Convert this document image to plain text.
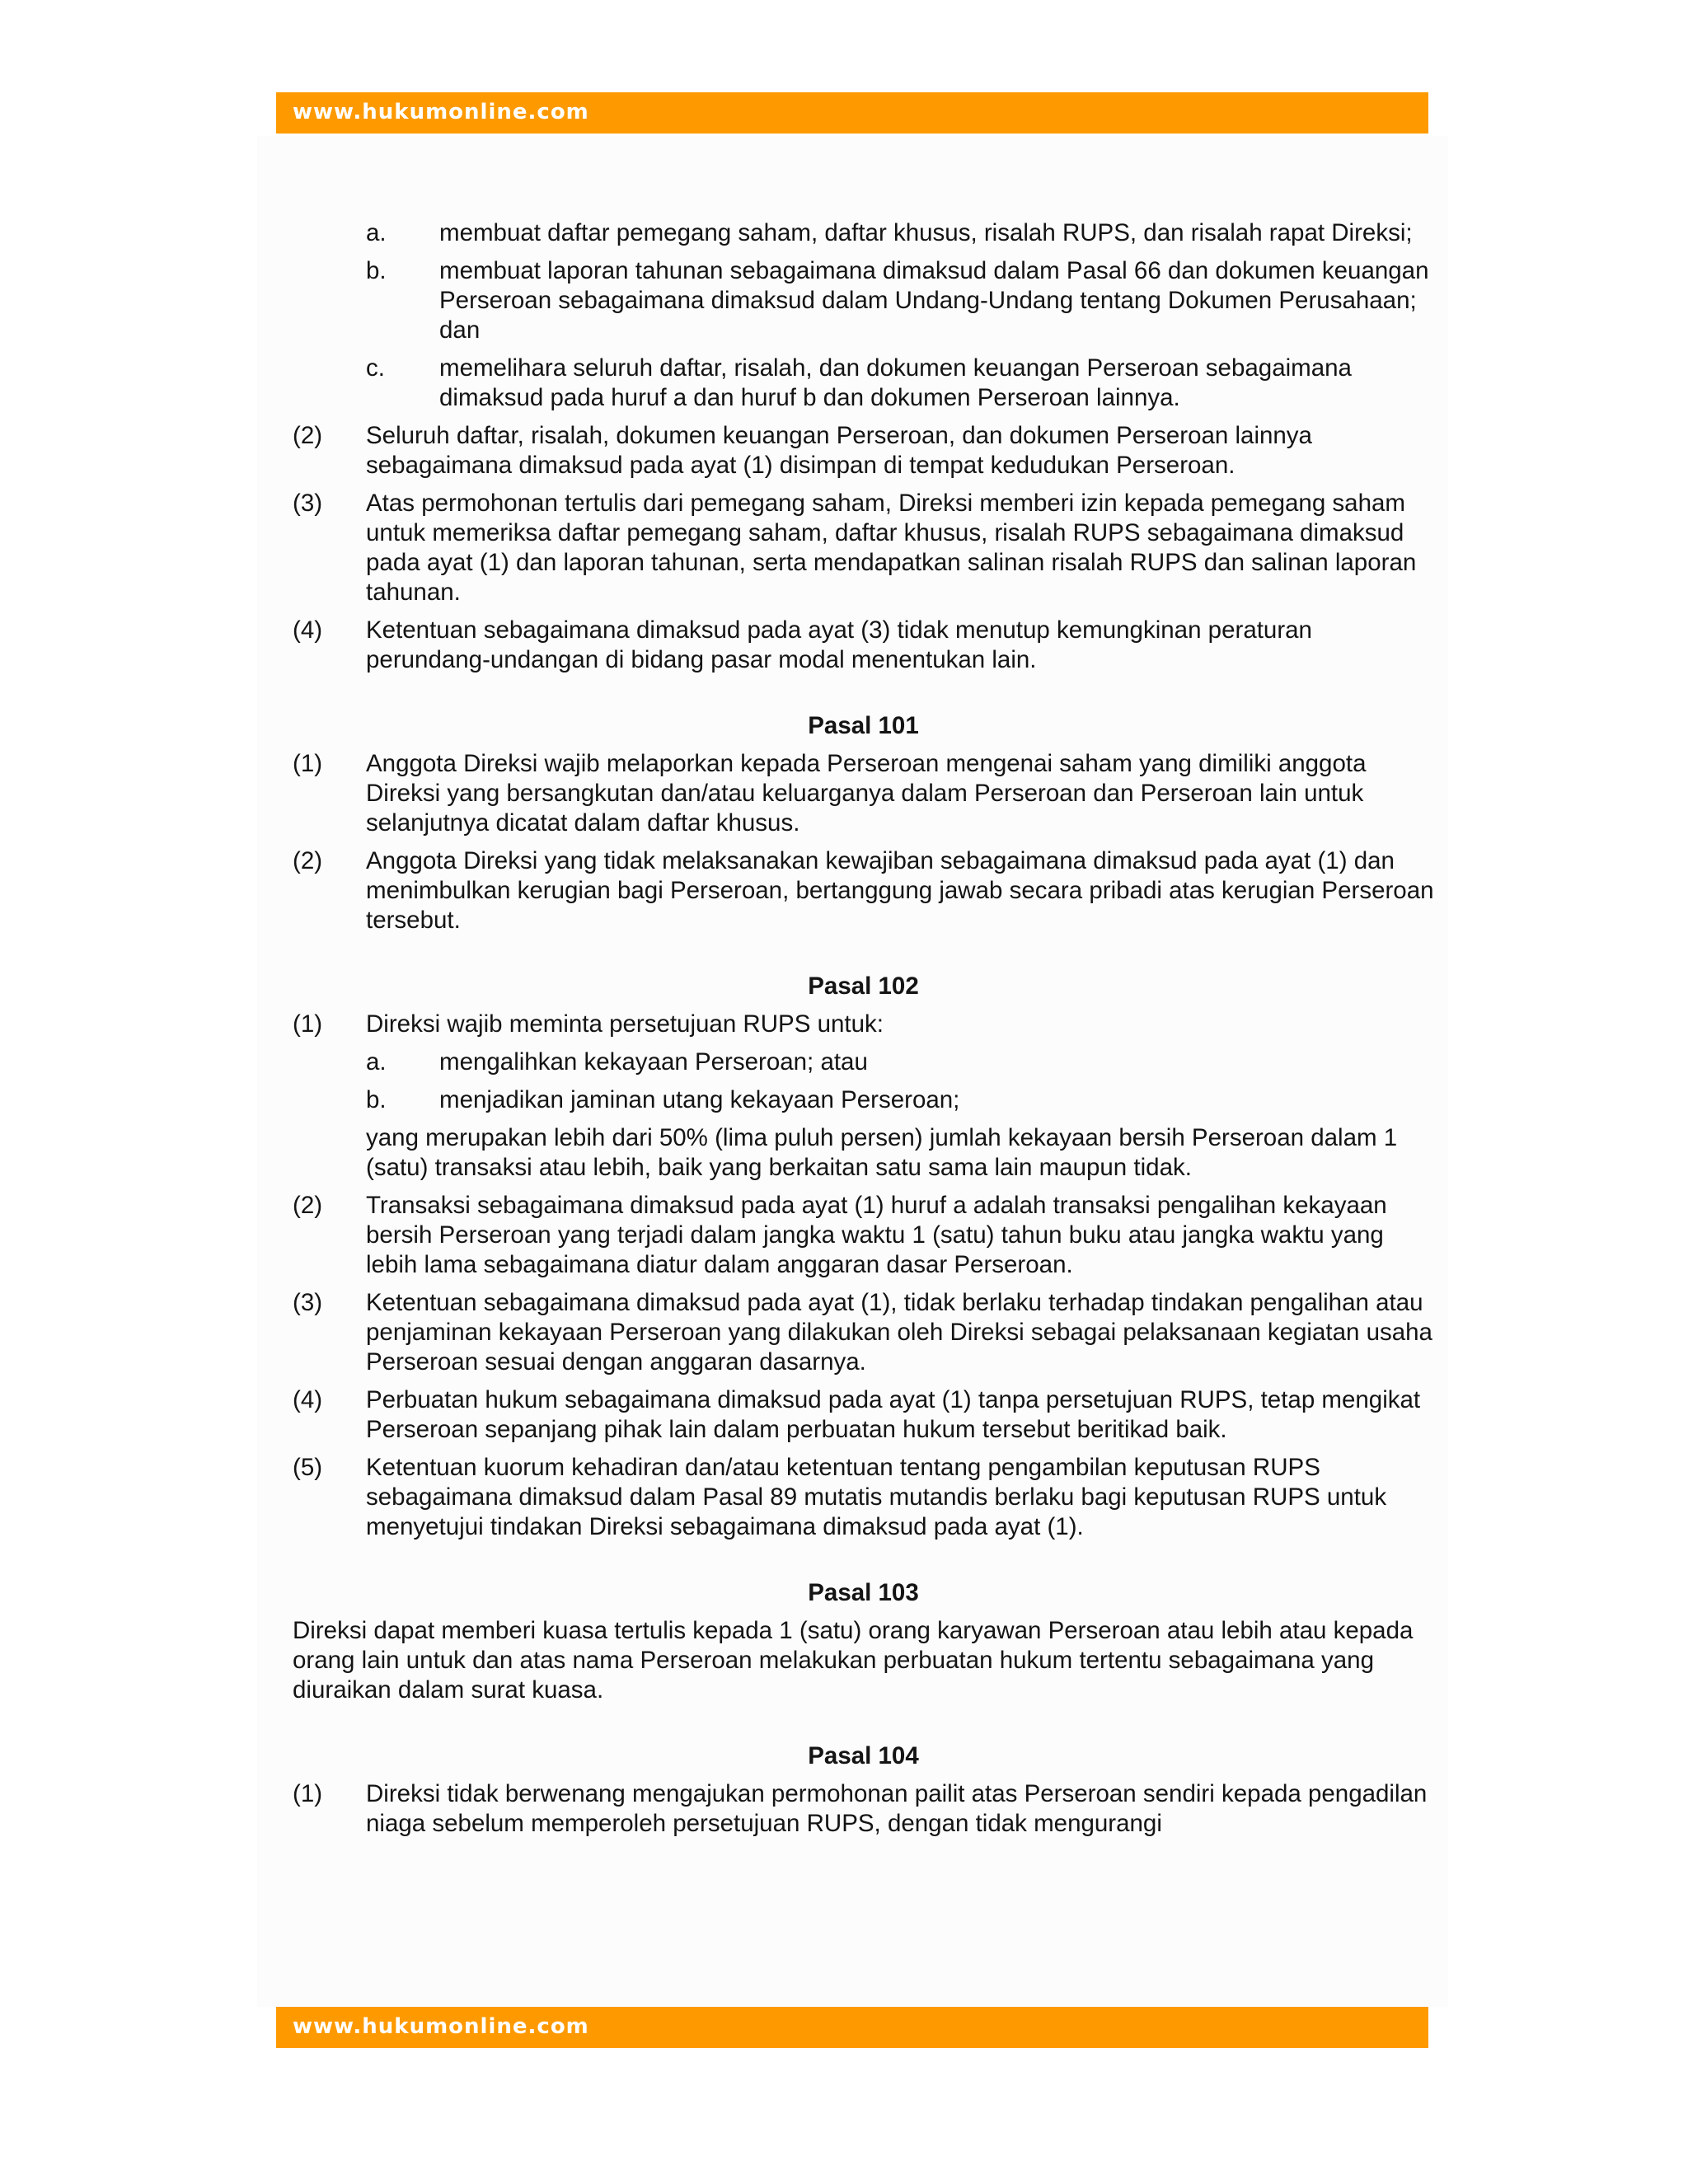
www.hukumonline.com
a.	membuat daftar pemegang saham, daftar khusus, risalah RUPS, dan risalah rapat Direksi;
b.	membuat laporan tahunan sebagaimana dimaksud dalam Pasal 66 dan dokumen keuangan Perseroan sebagaimana dimaksud dalam Undang-Undang tentang Dokumen Perusahaan; dan
c.	memelihara seluruh daftar, risalah, dan dokumen keuangan Perseroan sebagaimana dimaksud pada huruf a dan huruf b dan dokumen Perseroan lainnya.
(2)	Seluruh daftar, risalah, dokumen keuangan Perseroan, dan dokumen Perseroan lainnya sebagaimana dimaksud pada ayat (1) disimpan di tempat kedudukan Perseroan.
(3)	Atas permohonan tertulis dari pemegang saham, Direksi memberi izin kepada pemegang saham untuk memeriksa daftar pemegang saham, daftar khusus, risalah RUPS sebagaimana dimaksud pada ayat (1) dan laporan tahunan, serta mendapatkan salinan risalah RUPS dan salinan laporan tahunan.
(4)	Ketentuan sebagaimana dimaksud pada ayat (3) tidak menutup kemungkinan peraturan perundang-undangan di bidang pasar modal menentukan lain.
Pasal 101
(1)	Anggota Direksi wajib melaporkan kepada Perseroan mengenai saham yang dimiliki anggota Direksi yang bersangkutan dan/atau keluarganya dalam Perseroan dan Perseroan lain untuk selanjutnya dicatat dalam daftar khusus.
(2)	Anggota Direksi yang tidak melaksanakan kewajiban sebagaimana dimaksud pada ayat (1) dan menimbulkan kerugian bagi Perseroan, bertanggung jawab secara pribadi atas kerugian Perseroan tersebut.
Pasal 102
(1)	Direksi wajib meminta persetujuan RUPS untuk:
a.	mengalihkan kekayaan Perseroan; atau
b.	menjadikan jaminan utang kekayaan Perseroan;
yang merupakan lebih dari 50% (lima puluh persen) jumlah kekayaan bersih Perseroan dalam 1 (satu) transaksi atau lebih, baik yang berkaitan satu sama lain maupun tidak.
(2)	Transaksi sebagaimana dimaksud pada ayat (1) huruf a adalah transaksi pengalihan kekayaan bersih Perseroan yang terjadi dalam jangka waktu 1 (satu) tahun buku atau jangka waktu yang lebih lama sebagaimana diatur dalam anggaran dasar Perseroan.
(3)	Ketentuan sebagaimana dimaksud pada ayat (1), tidak berlaku terhadap tindakan pengalihan atau penjaminan kekayaan Perseroan yang dilakukan oleh Direksi sebagai pelaksanaan kegiatan usaha Perseroan sesuai dengan anggaran dasarnya.
(4)	Perbuatan hukum sebagaimana dimaksud pada ayat (1) tanpa persetujuan RUPS, tetap mengikat Perseroan sepanjang pihak lain dalam perbuatan hukum tersebut beritikad baik.
(5)	Ketentuan kuorum kehadiran dan/atau ketentuan tentang pengambilan keputusan RUPS sebagaimana dimaksud dalam Pasal 89 mutatis mutandis berlaku bagi keputusan RUPS untuk menyetujui tindakan Direksi sebagaimana dimaksud pada ayat (1).
Pasal 103
Direksi dapat memberi kuasa tertulis kepada 1 (satu) orang karyawan Perseroan atau lebih atau kepada orang lain untuk dan atas nama Perseroan melakukan perbuatan hukum tertentu sebagaimana yang diuraikan dalam surat kuasa.
Pasal 104
(1)	Direksi tidak berwenang mengajukan permohonan pailit atas Perseroan sendiri kepada pengadilan niaga sebelum memperoleh persetujuan RUPS, dengan tidak mengurangi
www.hukumonline.com
